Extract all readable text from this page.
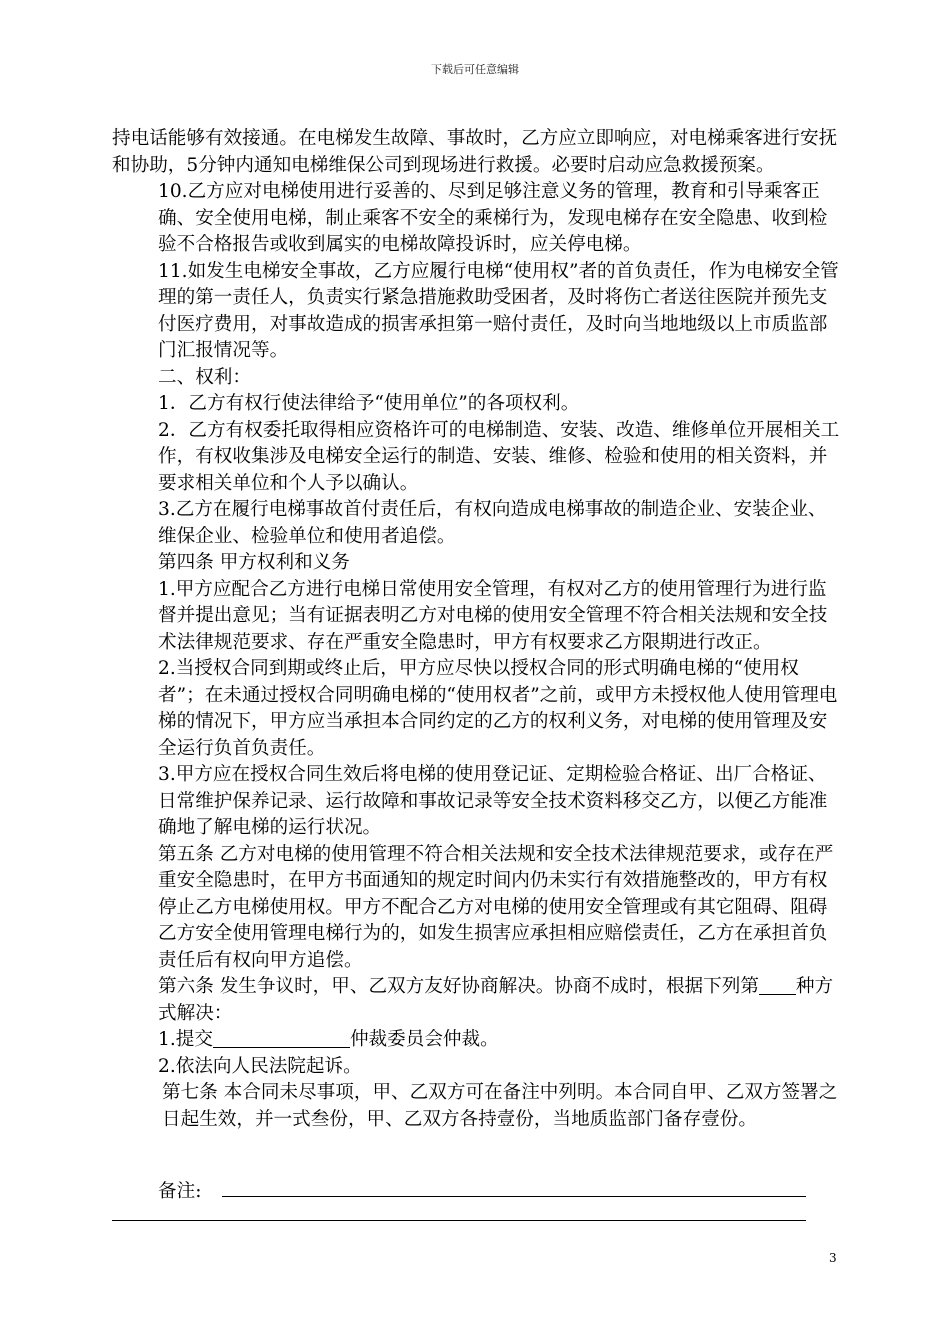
下载后可任意编辑

持电话能够有效接通。在电梯发生故障、事故时，乙方应立即响应，对电梯乘客进行安抚和协助，5分钟内通知电梯维保公司到现场进行救援。必要时启动应急救援预案。

10.乙方应对电梯使用进行妥善的、尽到足够注意义务的管理，教育和引导乘客正确、安全使用电梯，制止乘客不安全的乘梯行为，发现电梯存在安全隐患、收到检验不合格报告或收到属实的电梯故障投诉时，应关停电梯。

11.如发生电梯安全事故，乙方应履行电梯“使用权”者的首负责任，作为电梯安全管理的第一责任人，负责实行紧急措施救助受困者，及时将伤亡者送往医院并预先支付医疗费用，对事故造成的损害承担第一赔付责任，及时向当地地级以上市质监部门汇报情况等。

二、权利：

1．乙方有权行使法律给予“使用单位”的各项权利。

2．乙方有权委托取得相应资格许可的电梯制造、安装、改造、维修单位开展相关工作，有权收集涉及电梯安全运行的制造、安装、维修、检验和使用的相关资料，并要求相关单位和个人予以确认。

3.乙方在履行电梯事故首付责任后，有权向造成电梯事故的制造企业、安装企业、维保企业、检验单位和使用者追偿。

第四条 甲方权利和义务

1.甲方应配合乙方进行电梯日常使用安全管理，有权对乙方的使用管理行为进行监督并提出意见；当有证据表明乙方对电梯的使用安全管理不符合相关法规和安全技术法律规范要求、存在严重安全隐患时，甲方有权要求乙方限期进行改正。

2.当授权合同到期或终止后，甲方应尽快以授权合同的形式明确电梯的“使用权者”；在未通过授权合同明确电梯的“使用权者”之前，或甲方未授权他人使用管理电梯的情况下，甲方应当承担本合同约定的乙方的权利义务，对电梯的使用管理及安全运行负首负责任。

3.甲方应在授权合同生效后将电梯的使用登记证、定期检验合格证、出厂合格证、日常维护保养记录、运行故障和事故记录等安全技术资料移交乙方，以便乙方能准确地了解电梯的运行状况。

第五条 乙方对电梯的使用管理不符合相关法规和安全技术法律规范要求，或存在严重安全隐患时，在甲方书面通知的规定时间内仍未实行有效措施整改的，甲方有权停止乙方电梯使用权。甲方不配合乙方对电梯的使用安全管理或有其它阻碍、阻碍乙方安全使用管理电梯行为的，如发生损害应承担相应赔偿责任，乙方在承担首负责任后有权向甲方追偿。

第六条 发生争议时，甲、乙双方友好协商解决。协商不成时，根据下列第 种方式解决：

1.提交	仲裁委员会仲裁。

2.依法向人民法院起诉。

第七条 本合同未尽事项，甲、乙双方可在备注中列明。本合同自甲、乙双方签署之日起生效，并一式叁份，甲、乙双方各持壹份，当地质监部门备存壹份。

备注:
3
